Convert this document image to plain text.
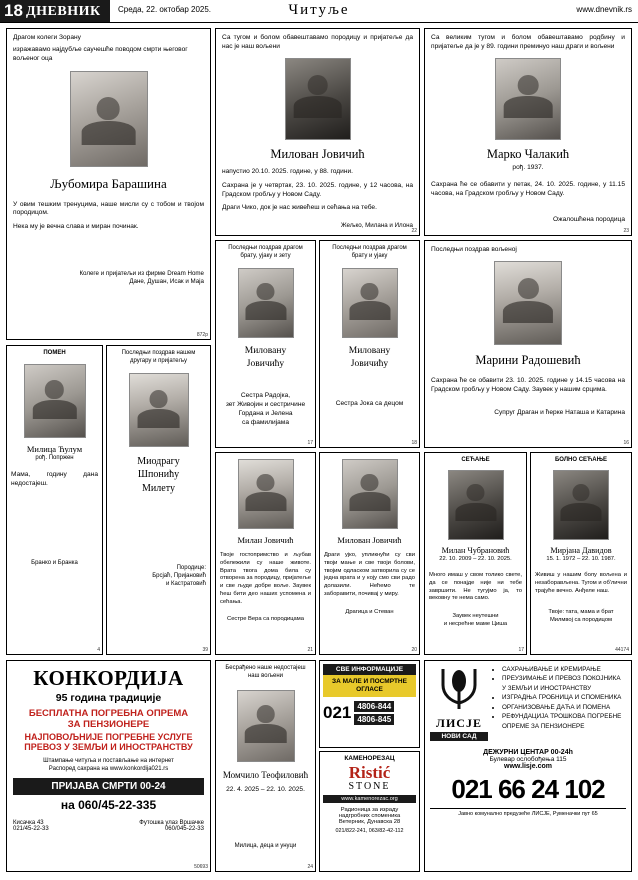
18 ДНЕВНИК	Читуље
Среда, 22. октобар 2025.	www.dnevnik.rs
Драгом колеги Зорану
изражавамо најдубље саучешће поводом смрти његовог
вољеног оца
Љубомира Барашина
У овим тешким тренуцима, наше мисли су с тобом и твојом породицом.
Нека му је вечна слава и миран починак.
Колеге и пријатељи из фирме Dream Home
Дане, Душан, Исак и Маја
872p
ПОМЕН
Милица Ћулум
рођ. Попржен
Мама, годину дана недостајеш.
Бранко и Бранка
4
Последњи поздрав нашем другару и пријатељу
Миодрагу
Шпонићу
Милету
Породице:
Брсјаћ, Пријановић
и Кастратовић
39
КОНКОРДИЈА
95 година традиције
БЕСПЛАТНА ПОГРЕБНА ОПРЕМА
ЗА ПЕНЗИОНЕРЕ
НАЈПОВОЉНИЈЕ ПОГРЕБНЕ УСЛУГЕ
ПРЕВОЗ У ЗЕМЉИ И ИНОСТРАНСТВУ
Штампање читуља и постављање на интернет
Распоред сахрана на www.konkordija021.rs
ПРИЈАВА СМРТИ 00-24
на 060/45-22-335
Кисачка 43
021/45-22-33
Футошка улаз Вршачке
060/045-22-33
50693
Са тугом и болом обавештавамо породицу и пријатеље да нас је наш вољени
Милован Јовичић
напустио 20.10. 2025. године, у 88. години.
Сахрана је у четвртак, 23. 10. 2025. године, у 12 часова, на Градском гробљу у Новом Саду.
Драги Чико, док је нас живећеш и сећања на тебе.
Жељко, Милана и Илона
22
Последњи поздрав драгом брату, ујаку и зету
Миловану
Јовичићу
Сестра Радојка,
зет Живојин и сестричине
Гордана и Јелена
са фамилијама
17
Последњи поздрав драгом брату и ујаку
Миловану
Јовичићу
Сестра Јока са децом
18
Милан Јовичић
Твоје гостопримство и љубав обележили су наше животе. Врата твога дома била су отворена за породицу, пријатеље и све људе добре воље. Заувек ћеш бити део наших успомена и сећања.
Сестре Вера са породицама
21
Милован Јовичић
Драги ујко, упликнући су сви твоји мање и све твоји болови, твојим одласком затворила су се једна врата и у коју смо сви радо долазили. Нећемо те заборавити, почивај у миру.
Драгица и Стеван
20
Бесрађено наше недостајеш наш вољени
Момчило Теофиловић
22. 4. 2025 – 22. 10. 2025.
Милица, деца и унуци
24
СВЕ ИНФОРМАЦИЈЕ
ЗА МАЛЕ И ПОСМРТНЕ
ОГЛАСЕ
021 4806-844
4806-845
КАМЕНОРЕЗАЦ
Ristić
STONE
www.kamenorezac.org
Радионица за израду
надгробних споменика
Ветерник, Дунавска 28
021/822-241, 063/82-42-112
Са великим тугом и болом обавештавамо родбину и пријатеље да је у 89. години преминуо наш драги и вољени
Марко Чалакић
рођ. 1937.
Сахрана ће се обавити у петак, 24. 10. 2025. године, у 11.15 часова, на Градском гробљу у Новом Саду.
Ожалошћена породица
23
Последњи поздрав вољеној
Марини Радошевић
Сахрана ће се обавити 23. 10. 2025. године у 14.15 часова на Градском гробљу у Новом Саду. Заувек у нашим срцима.
Супруг Драган и ћерке Наташа и Катарина
16
СЕЋАЊЕ
Милан Чубрановић
22. 10. 2009 – 22. 10. 2025.
Много имаш у свом толико свете, да се понајде није ни тебе завршити. Не тугујмо ја, то вековну те нема само.
Заувек неутешни
и несрећне маме Циша
17
БОЛНО СЕЋАЊЕ
Мирјана Давидов
15. 1. 1972 – 22. 10. 1987.
Живиш у нашим болу вољена и незаборављена. Тугом и об'лични трајуће вечно. Анђеле наш.
Твоје: тата, мама и брат
Милмвој са породицом
44174
ЛИСЈЕ
НОВИ САД
• САХРАЊИВАЊЕ И КРЕМИРАЊЕ
• ПРЕУЗИМАЊЕ И ПРЕВОЗ ПОКОЈНИКА
У ЗЕМЉИ И ИНОСТРАНСТВУ
• ИЗГРАДЊА ГРОБНИЦА И СПОМЕНИКА
• ОРГАНИЗОВАЊЕ ДАЋА И ПОМЕНА
• РЕФУНДАЦИЈА ТРОШКОВА ПОГРЕБНЕ
ОПРЕМЕ ЗА ПЕНЗИОНЕРЕ
ДЕЖУРНИ ЦЕНТАР 00-24h
Булевар ослобођења 115
www.lisje.com
021 66 24 102
Јавно комунално предузеће ЛИСЈЕ, Руменачки пут 65
